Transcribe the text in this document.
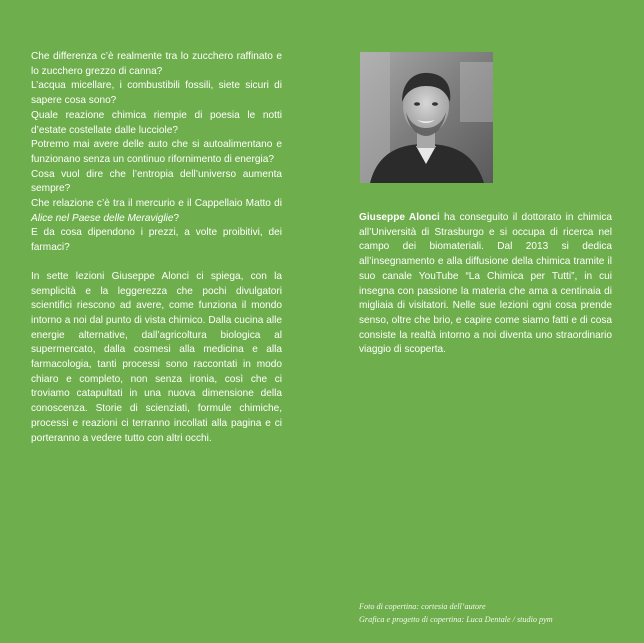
Che differenza c’è realmente tra lo zucchero raffinato e lo zucchero grezzo di canna?

L’acqua micellare, i combustibili fossili, siete sicuri di sapere cosa sono?

Quale reazione chimica riempie di poesia le notti d’estate costellate dalle lucciole?

Potremo mai avere delle auto che si autoalimentano e funzionano senza un continuo rifornimento di energia?

Cosa vuol dire che l’entropia dell’universo aumenta sempre?

Che relazione c’è tra il mercurio e il Cappellaio Matto di Alice nel Paese delle Meraviglie?

E da cosa dipendono i prezzi, a volte proibitivi, dei farmaci?

In sette lezioni Giuseppe Alonci ci spiega, con la semplicità e la leggerezza che pochi divulgatori scientifici riescono ad avere, come funziona il mondo intorno a noi dal punto di vista chimico. Dalla cucina alle energie alternative, dall’agricoltura biologica al supermercato, dalla cosmesi alla medicina e alla farmacologia, tanti processi sono raccontati in modo chiaro e completo, non senza ironia, così che ci troviamo catapultati in una nuova dimensione della conoscenza. Storie di scienziati, formule chimiche, processi e reazioni ci terranno incollati alla pagina e ci porteranno a vedere tutto con altri occhi.

Giuseppe Alonci ha conseguito il dottorato in chimica all’Università di Strasburgo e si occupa di ricerca nel campo dei biomateriali. Dal 2013 si dedica all’insegnamento e alla diffusione della chimica tramite il suo canale YouTube “La Chimica per Tutti”, in cui insegna con passione la materia che ama a centinaia di migliaia di visitatori. Nelle sue lezioni ogni cosa prende senso, oltre che brio, e capire come siamo fatti e di cosa consiste la realtà intorno a noi diventa uno straordinario viaggio di scoperta.

Foto di copertina: cortesia dell’autore
Grafica e progetto di copertina: Luca Dentale / studio pym
